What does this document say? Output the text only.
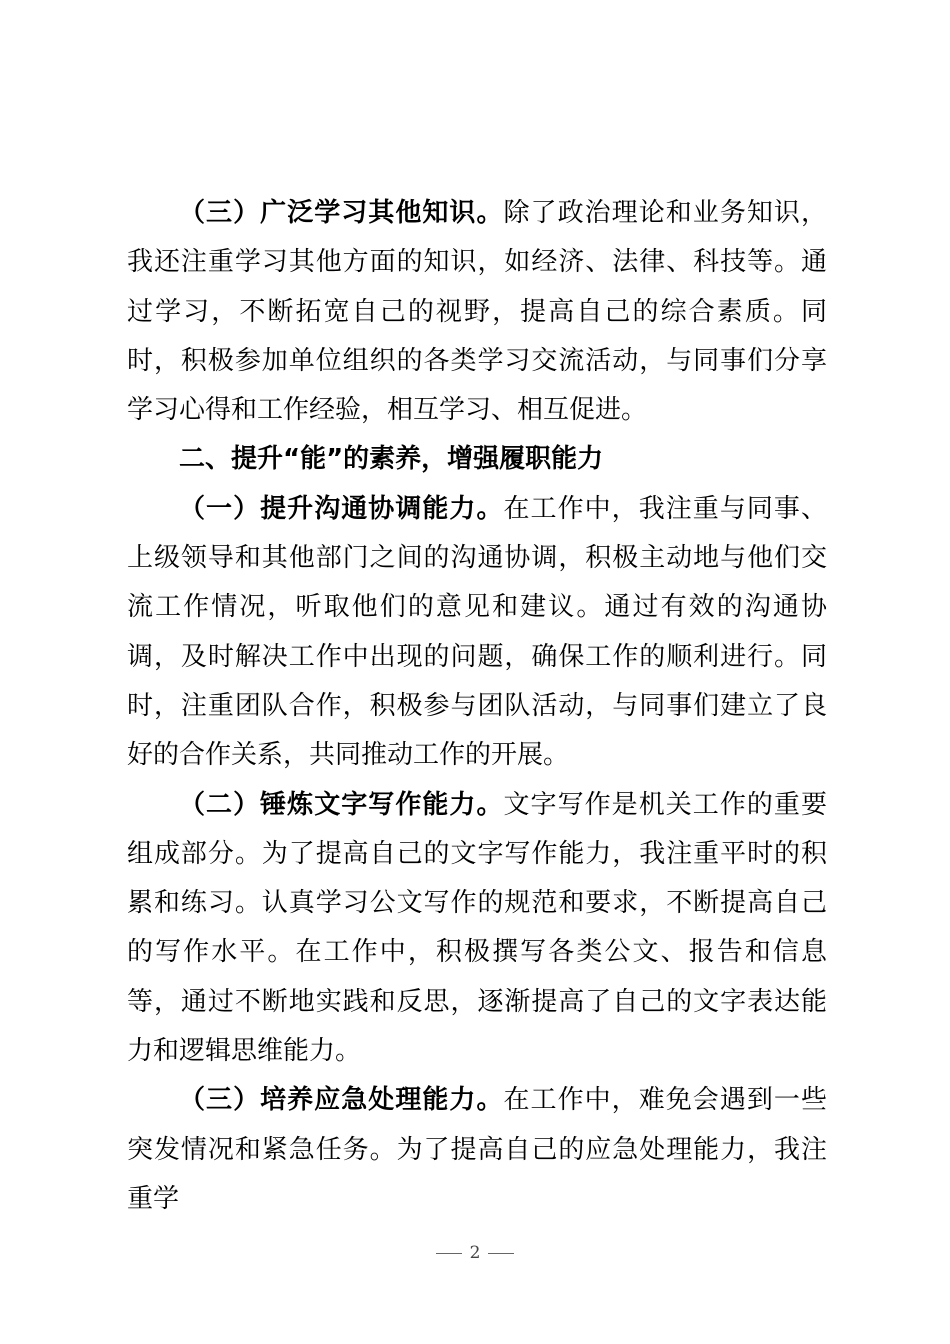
（三）广泛学习其他知识。除了政治理论和业务知识，我还注重学习其他方面的知识，如经济、法律、科技等。通过学习，不断拓宽自己的视野，提高自己的综合素质。同时，积极参加单位组织的各类学习交流活动，与同事们分享学习心得和工作经验，相互学习、相互促进。

二、提升“能”的素养，增强履职能力

（一）提升沟通协调能力。在工作中，我注重与同事、上级领导和其他部门之间的沟通协调，积极主动地与他们交流工作情况，听取他们的意见和建议。通过有效的沟通协调，及时解决工作中出现的问题，确保工作的顺利进行。同时，注重团队合作，积极参与团队活动，与同事们建立了良好的合作关系，共同推动工作的开展。

（二）锤炼文字写作能力。文字写作是机关工作的重要组成部分。为了提高自己的文字写作能力，我注重平时的积累和练习。认真学习公文写作的规范和要求，不断提高自己的写作水平。在工作中，积极撰写各类公文、报告和信息等，通过不断地实践和反思，逐渐提高了自己的文字表达能力和逻辑思维能力。

（三）培养应急处理能力。在工作中，难免会遇到一些突发情况和紧急任务。为了提高自己的应急处理能力，我注重学

2
